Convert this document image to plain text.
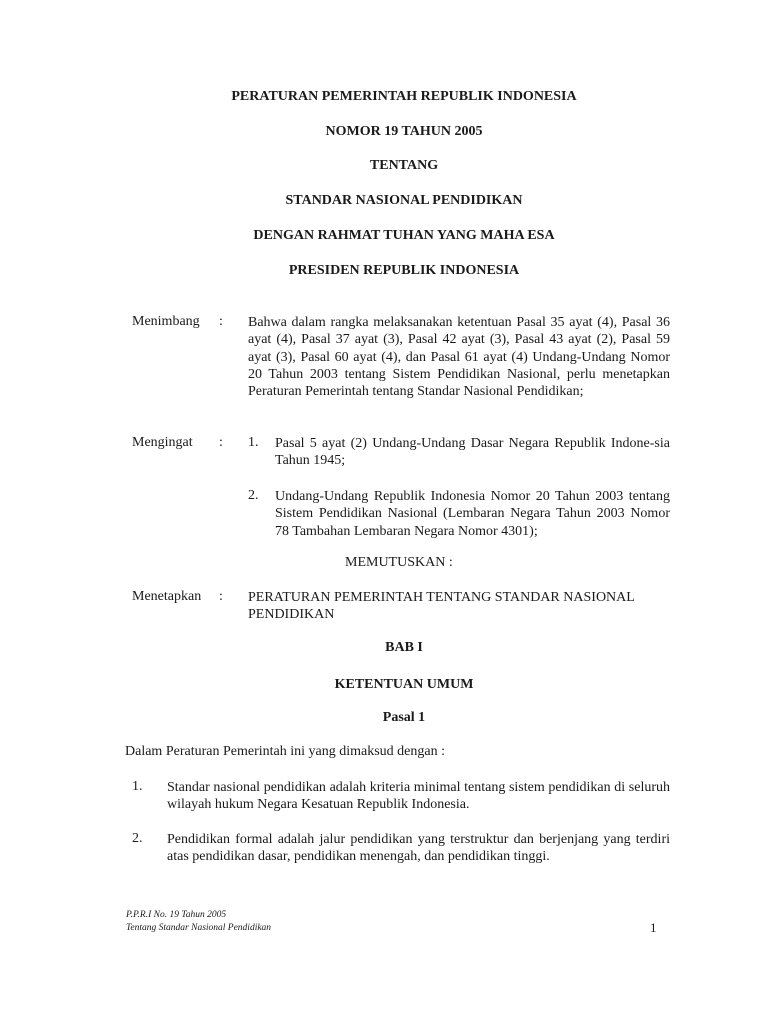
PERATURAN PEMERINTAH REPUBLIK INDONESIA
NOMOR 19 TAHUN 2005
TENTANG
STANDAR NASIONAL PENDIDIKAN
DENGAN RAHMAT TUHAN YANG MAHA ESA
PRESIDEN REPUBLIK INDONESIA
Menimbang : Bahwa dalam rangka melaksanakan ketentuan Pasal 35 ayat (4), Pasal 36 ayat (4), Pasal 37 ayat (3), Pasal 42 ayat (3), Pasal 43 ayat (2), Pasal 59 ayat (3), Pasal 60 ayat (4), dan Pasal 61 ayat (4) Undang-Undang Nomor 20 Tahun 2003 tentang Sistem Pendidikan Nasional, perlu menetapkan Peraturan Pemerintah tentang Standar Nasional Pendidikan;
Mengingat : 1. Pasal 5 ayat (2) Undang-Undang Dasar Negara Republik Indone-sia Tahun 1945;
2. Undang-Undang Republik Indonesia Nomor 20 Tahun 2003 tentang Sistem Pendidikan Nasional (Lembaran Negara Tahun 2003 Nomor 78 Tambahan Lembaran Negara Nomor 4301);
MEMUTUSKAN :
Menetapkan : PERATURAN PEMERINTAH TENTANG STANDAR NASIONAL PENDIDIKAN
BAB I
KETENTUAN UMUM
Pasal 1
Dalam Peraturan Pemerintah ini yang dimaksud dengan :
1. Standar nasional pendidikan adalah kriteria minimal tentang sistem pendidikan di seluruh wilayah hukum Negara Kesatuan Republik Indonesia.
2. Pendidikan formal adalah jalur pendidikan yang terstruktur dan berjenjang yang terdiri atas pendidikan dasar, pendidikan menengah, dan pendidikan tinggi.
P.P.R.I No. 19 Tahun 2005
Tentang Standar Nasional Pendidikan	1
